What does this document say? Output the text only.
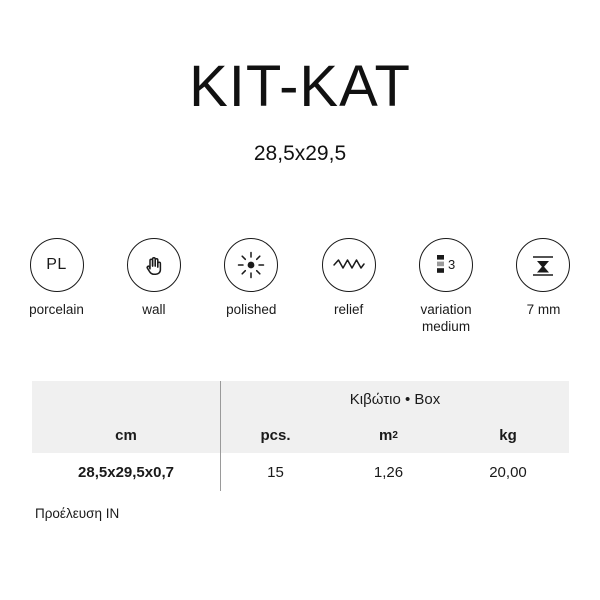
KIT-KAT
28,5x29,5
PL
porcelain	wall	polished	relief
3
variation
medium
7 mm
Κιβώτιο • Box
cm	pcs.	m 2	kg
28,5x29,5x0,7	15	1,26	20,00
Προέλευση ΙΝ
